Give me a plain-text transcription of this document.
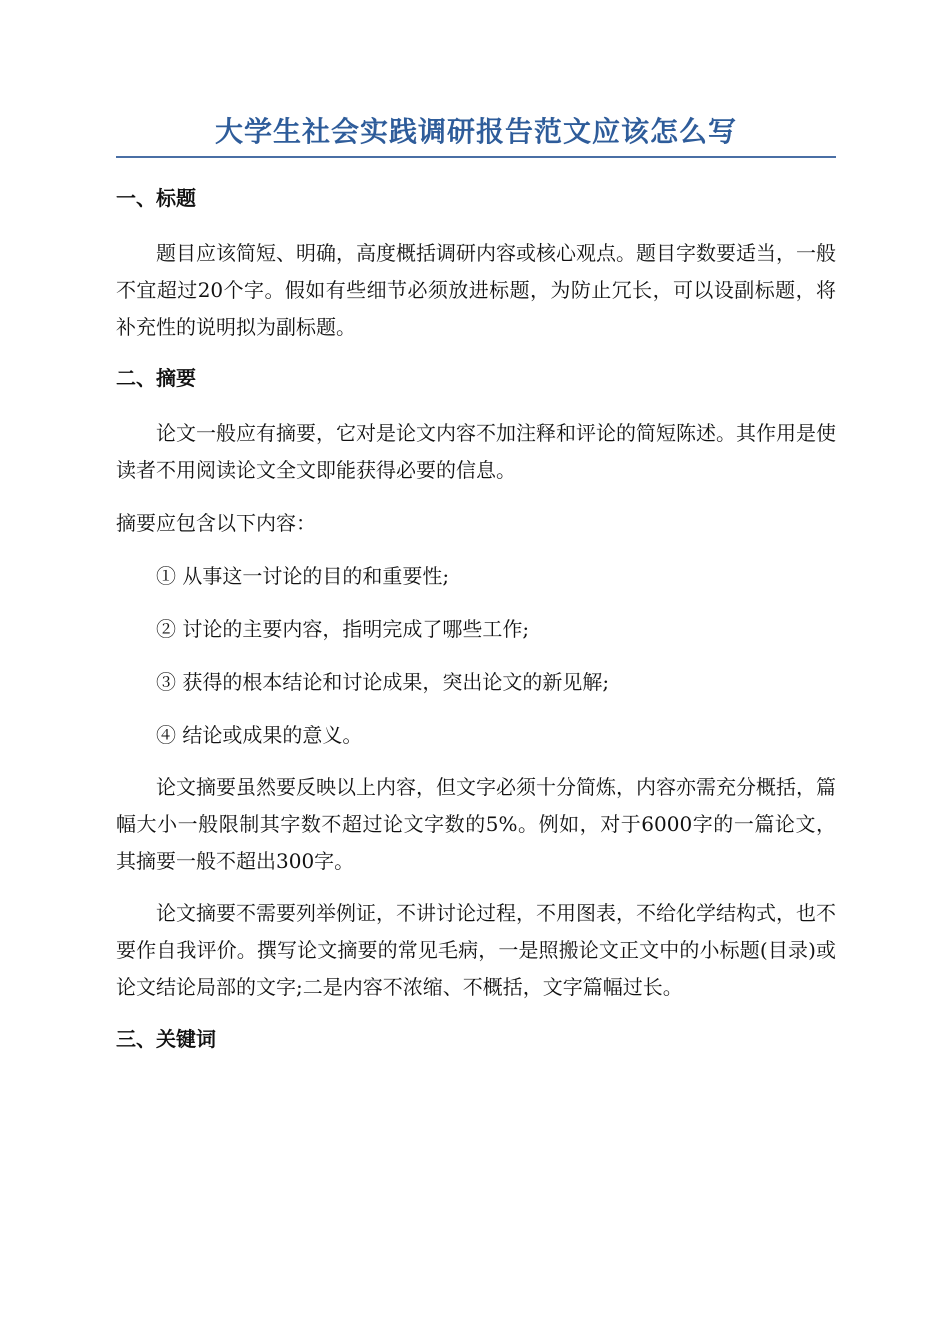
大学生社会实践调研报告范文应该怎么写
一、标题

题目应该简短、明确，高度概括调研内容或核心观点。题目字数要适当，一般不宜超过20个字。假如有些细节必须放进标题，为防止冗长，可以设副标题，将补充性的说明拟为副标题。

二、摘要

论文一般应有摘要，它对是论文内容不加注释和评论的简短陈述。其作用是使读者不用阅读论文全文即能获得必要的信息。

摘要应包含以下内容：

① 从事这一讨论的目的和重要性;

② 讨论的主要内容，指明完成了哪些工作;

③ 获得的根本结论和讨论成果，突出论文的新见解;

④ 结论或成果的意义。

论文摘要虽然要反映以上内容，但文字必须十分简炼，内容亦需充分概括，篇幅大小一般限制其字数不超过论文字数的5%。例如，对于6000字的一篇论文，其摘要一般不超出300字。

论文摘要不需要列举例证，不讲讨论过程，不用图表，不给化学结构式，也不要作自我评价。撰写论文摘要的常见毛病，一是照搬论文正文中的小标题(目录)或论文结论局部的文字;二是内容不浓缩、不概括，文字篇幅过长。

三、关键词
